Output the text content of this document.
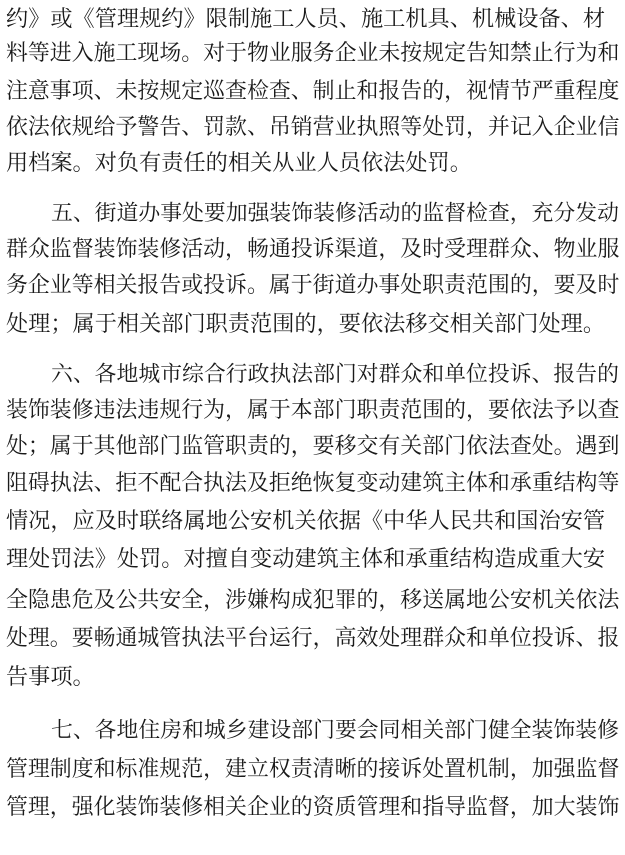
约》或《管理规约》限制施工人员、施工机具、机械设备、材
料等进入施工现场。对于物业服务企业未按规定告知禁止行为和
注意事项、未按规定巡查检查、制止和报告的，视情节严重程度
依法依规给予警告、罚款、吊销营业执照等处罚，并记入企业信
用档案。对负有责任的相关从业人员依法处罚。
五、街道办事处要加强装饰装修活动的监督检查，充分发动
群众监督装饰装修活动，畅通投诉渠道，及时受理群众、物业服
务企业等相关报告或投诉。属于街道办事处职责范围的，要及时
处理；属于相关部门职责范围的，要依法移交相关部门处理。
六、各地城市综合行政执法部门对群众和单位投诉、报告的
装饰装修违法违规行为，属于本部门职责范围的，要依法予以查
处；属于其他部门监管职责的，要移交有关部门依法查处。遇到
阻碍执法、拒不配合执法及拒绝恢复变动建筑主体和承重结构等
情况，应及时联络属地公安机关依据《中华人民共和国治安管
理处罚法》处罚。对擅自变动建筑主体和承重结构造成重大安
全隐患危及公共安全，涉嫌构成犯罪的，移送属地公安机关依法
处理。要畅通城管执法平台运行，高效处理群众和单位投诉、报
告事项。
七、各地住房和城乡建设部门要会同相关部门健全装饰装修
管理制度和标准规范，建立权责清晰的接诉处置机制，加强监督
管理，强化装饰装修相关企业的资质管理和指导监督，加大装饰
